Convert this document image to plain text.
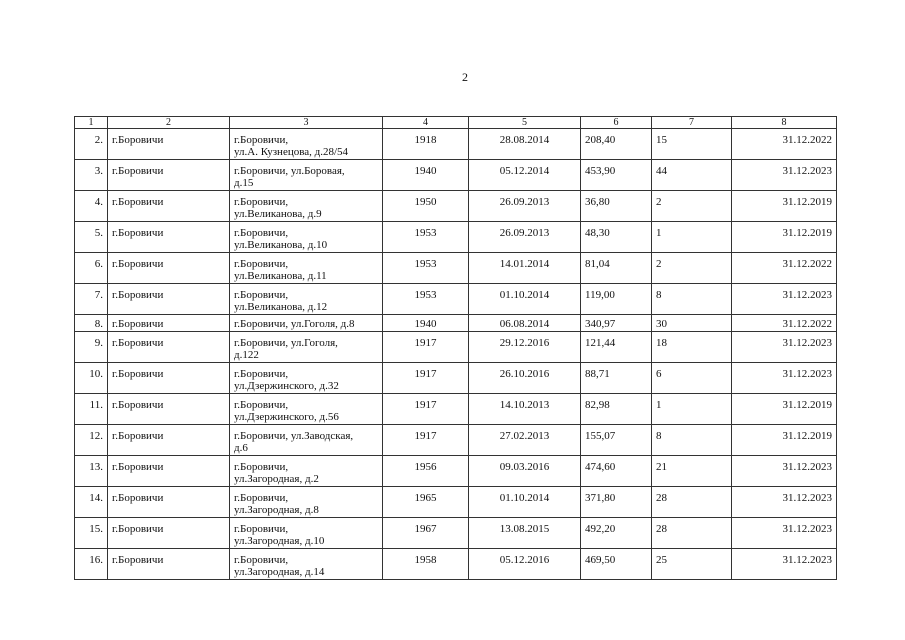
2
1	2	3	4	5	6	7	8
2.	г.Боровичи	г.Боровичи,
ул.А. Кузнецова, д.28/54	1918	28.08.2014	208,40	15	31.12.2022
3.	г.Боровичи	г.Боровичи, ул.Боровая,
д.15	1940	05.12.2014	453,90	44	31.12.2023
4.	г.Боровичи	г.Боровичи,
ул.Великанова, д.9	1950	26.09.2013	36,80	2	31.12.2019
5.	г.Боровичи	г.Боровичи,
ул.Великанова, д.10	1953	26.09.2013	48,30	1	31.12.2019
6.	г.Боровичи	г.Боровичи,
ул.Великанова, д.11	1953	14.01.2014	81,04	2	31.12.2022
7.	г.Боровичи	г.Боровичи,
ул.Великанова, д.12	1953	01.10.2014	119,00	8	31.12.2023
8.	г.Боровичи	г.Боровичи, ул.Гоголя, д.8	1940	06.08.2014	340,97	30	31.12.2022
9.	г.Боровичи	г.Боровичи, ул.Гоголя,
д.122	1917	29.12.2016	121,44	18	31.12.2023
10.	г.Боровичи	г.Боровичи,
ул.Дзержинского, д.32	1917	26.10.2016	88,71	6	31.12.2023
11.	г.Боровичи	г.Боровичи,
ул.Дзержинского, д.56	1917	14.10.2013	82,98	1	31.12.2019
12.	г.Боровичи	г.Боровичи, ул.Заводская,
д.6	1917	27.02.2013	155,07	8	31.12.2019
13.	г.Боровичи	г.Боровичи,
ул.Загородная, д.2	1956	09.03.2016	474,60	21	31.12.2023
14.	г.Боровичи	г.Боровичи,
ул.Загородная, д.8	1965	01.10.2014	371,80	28	31.12.2023
15.	г.Боровичи	г.Боровичи,
ул.Загородная, д.10	1967	13.08.2015	492,20	28	31.12.2023
16.	г.Боровичи	г.Боровичи,
ул.Загородная, д.14	1958	05.12.2016	469,50	25	31.12.2023
